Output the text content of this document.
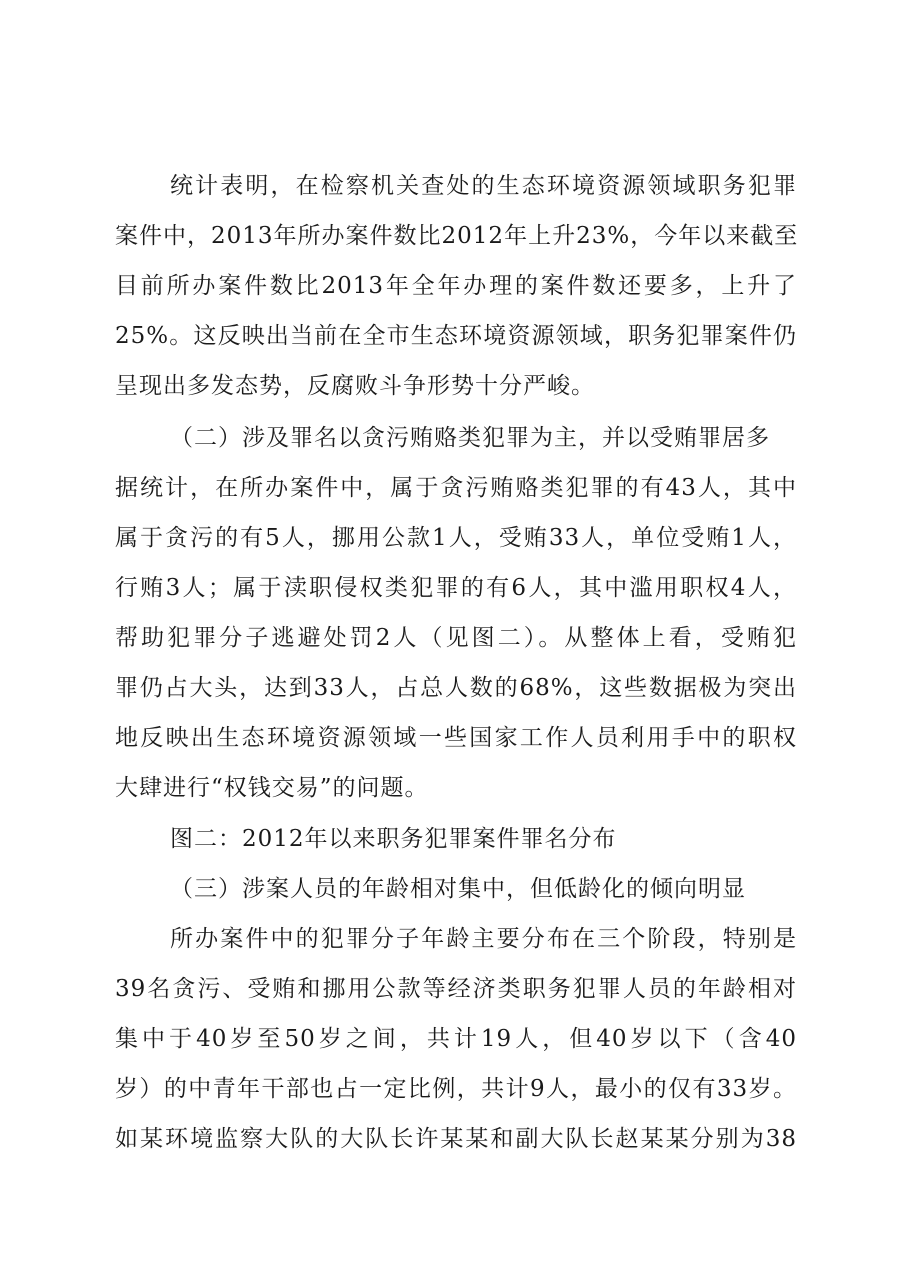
统计表明，在检察机关查处的生态环境资源领域职务犯罪
案件中，2013年所办案件数比2012年上升23%，今年以来截至
目前所办案件数比2013年全年办理的案件数还要多，上升了
25%。这反映出当前在全市生态环境资源领域，职务犯罪案件仍
呈现出多发态势，反腐败斗争形势十分严峻。
（二）涉及罪名以贪污贿赂类犯罪为主，并以受贿罪居多
据统计，在所办案件中，属于贪污贿赂类犯罪的有43人，其中
属于贪污的有5人，挪用公款1人，受贿33人，单位受贿1人，
行贿3人；属于渎职侵权类犯罪的有6人，其中滥用职权4人，
帮助犯罪分子逃避处罚2人（见图二）。从整体上看，受贿犯
罪仍占大头，达到33人，占总人数的68%，这些数据极为突出
地反映出生态环境资源领域一些国家工作人员利用手中的职权
大肆进行“权钱交易”的问题。
图二：2012年以来职务犯罪案件罪名分布
（三）涉案人员的年龄相对集中，但低龄化的倾向明显
所办案件中的犯罪分子年龄主要分布在三个阶段，特别是
39名贪污、受贿和挪用公款等经济类职务犯罪人员的年龄相对
集中于40岁至50岁之间，共计19人，但40岁以下（含40
岁）的中青年干部也占一定比例，共计9人，最小的仅有33岁。
如某环境监察大队的大队长许某某和副大队长赵某某分别为38
